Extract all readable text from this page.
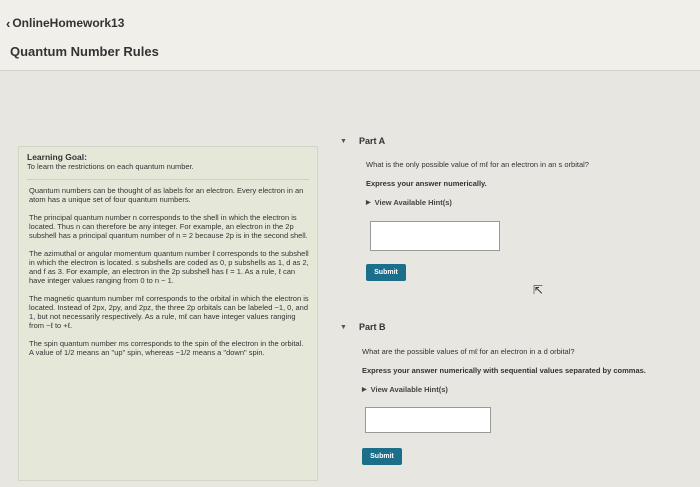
‹ OnlineHomework13
Quantum Number Rules
Learning Goal:
To learn the restrictions on each quantum number.

Quantum numbers can be thought of as labels for an electron. Every electron in an atom has a unique set of four quantum numbers.

The principal quantum number n corresponds to the shell in which the electron is located. Thus n can therefore be any integer. For example, an electron in the 2p subshell has a principal quantum number of n = 2 because 2p is in the second shell.

The azimuthal or angular momentum quantum number ℓ corresponds to the subshell in which the electron is located. s subshells are coded as 0, p subshells as 1, d as 2, and f as 3. For example, an electron in the 2p subshell has ℓ = 1. As a rule, ℓ can have integer values ranging from 0 to n − 1.

The magnetic quantum number mℓ corresponds to the orbital in which the electron is located. Instead of 2px, 2py, and 2pz, the three 2p orbitals can be labeled −1, 0, and 1, but not necessarily respectively. As a rule, mℓ can have integer values ranging from −ℓ to +ℓ.

The spin quantum number ms corresponds to the spin of the electron in the orbital. A value of 1/2 means an "up" spin, whereas −1/2 means a "down" spin.

▼ Part A
What is the only possible value of mℓ for an electron in an s orbital?
Express your answer numerically.
▶ View Available Hint(s)
Submit
⇱
▼ Part B
What are the possible values of mℓ for an electron in a d orbital?
Express your answer numerically with sequential values separated by commas.
▶ View Available Hint(s)
Submit
